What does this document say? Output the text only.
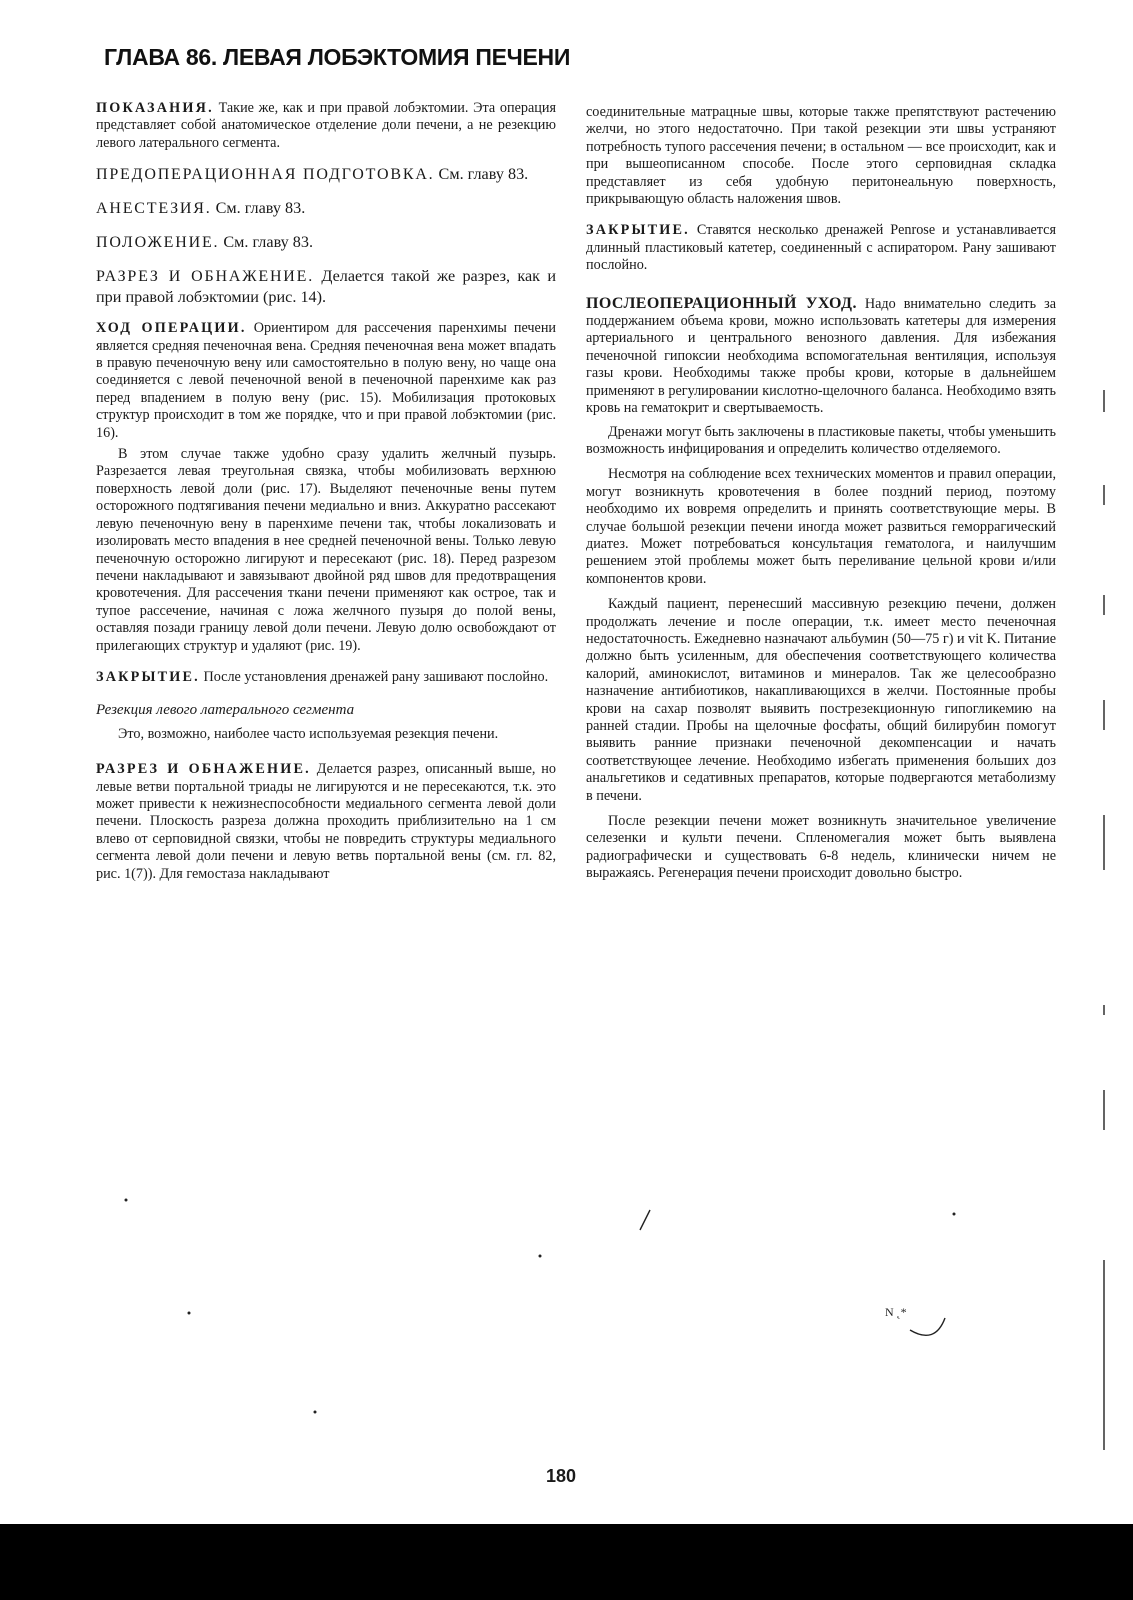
ГЛАВА 86. ЛЕВАЯ ЛОБЭКТОМИЯ ПЕЧЕНИ

ПОКАЗАНИЯ. Такие же, как и при правой лобэктомии. Эта операция представляет собой анатомическое отделение доли печени, а не резекцию левого латерального сегмента.

ПРЕДОПЕРАЦИОННАЯ ПОДГОТОВКА. См. главу 83.

АНЕСТЕЗИЯ. См. главу 83.

ПОЛОЖЕНИЕ. См. главу 83.

РАЗРЕЗ И ОБНАЖЕНИЕ. Делается такой же разрез, как и при правой лобэктомии (рис. 14).

ХОД ОПЕРАЦИИ. Ориентиром для рассечения паренхимы печени является средняя печеночная вена. Средняя печеночная вена может впадать в правую печеночную вену или самостоятельно в полую вену, но чаще она соединяется с левой печеночной веной в печеночной паренхиме как раз перед впадением в полую вену (рис. 15). Мобилизация протоковых структур происходит в том же порядке, что и при правой лобэктомии (рис. 16).

В этом случае также удобно сразу удалить желчный пузырь. Разрезается левая треугольная связка, чтобы мобилизовать верхнюю поверхность левой доли (рис. 17). Выделяют печеночные вены путем осторожного подтягивания печени медиально и вниз. Аккуратно рассекают левую печеночную вену в паренхиме печени так, чтобы локализовать и изолировать место впадения в нее средней печеночной вены. Только левую печеночную осторожно лигируют и пересекают (рис. 18). Перед разрезом печени накладывают и завязывают двойной ряд швов для предотвращения кровотечения. Для рассечения ткани печени применяют как острое, так и тупое рассечение, начиная с ложа желчного пузыря до полой вены, оставляя позади границу левой доли печени. Левую долю освобождают от прилегающих структур и удаляют (рис. 19).

ЗАКРЫТИЕ. После установления дренажей рану зашивают послойно.

Резекция левого латерального сегмента

Это, возможно, наиболее часто используемая резекция печени.

РАЗРЕЗ И ОБНАЖЕНИЕ. Делается разрез, описанный выше, но левые ветви портальной триады не лигируются и не пересекаются, т.к. это может привести к нежизнеспособности медиального сегмента левой доли печени. Плоскость разреза должна проходить приблизительно на 1 см влево от серповидной связки, чтобы не повредить структуры медиального сегмента левой доли печени и левую ветвь портальной вены (см. гл. 82, рис. 1(7)). Для гемостаза накладывают

соединительные матрацные швы, которые также препятствуют растечению желчи, но этого недостаточно. При такой резекции эти швы устраняют потребность тупого рассечения печени; в остальном — все происходит, как и при вышеописанном способе. После этого серповидная складка представляет из себя удобную перитонеальную поверхность, прикрывающую область наложения швов.

ЗАКРЫТИЕ. Ставятся несколько дренажей Penrose и устанавливается длинный пластиковый катетер, соединенный с аспиратором. Рану зашивают послойно.

ПОСЛЕОПЕРАЦИОННЫЙ УХОД. Надо внимательно следить за поддержанием объема крови, можно использовать катетеры для измерения артериального и центрального венозного давления. Для избежания печеночной гипоксии необходима вспомогательная вентиляция, используя газы крови. Необходимы также пробы крови, которые в дальнейшем применяют в регулировании кислотно-щелочного баланса. Необходимо взять кровь на гематокрит и свертываемость.

Дренажи могут быть заключены в пластиковые пакеты, чтобы уменьшить возможность инфицирования и определить количество отделяемого.

Несмотря на соблюдение всех технических моментов и правил операции, могут возникнуть кровотечения в более поздний период, поэтому необходимо их вовремя определить и принять соответствующие меры. В случае большой резекции печени иногда может развиться геморрагический диатез. Может потребоваться консультация гематолога, и наилучшим решением этой проблемы может быть переливание цельной крови и/или компонентов крови.

Каждый пациент, перенесший массивную резекцию печени, должен продолжать лечение и после операции, т.к. имеет место печеночная недостаточность. Ежедневно назначают альбумин (50—75 г) и vit K. Питание должно быть усиленным, для обеспечения соответствующего количества калорий, аминокислот, витаминов и минералов. Так же целесообразно назначение антибиотиков, накапливающихся в желчи. Постоянные пробы крови на сахар позволят выявить пострезекционную гипогликемию на ранней стадии. Пробы на щелочные фосфаты, общий билирубин помогут выявить ранние признаки печеночной декомпенсации и начать соответствующее лечение. Необходимо избегать применения больших доз анальгетиков и седативных препаратов, которые подвергаются метаболизму в печени.

После резекции печени может возникнуть значительное увеличение селезенки и культи печени. Спленомегалия может быть выявлена радиографически и существовать 6-8 недель, клинически ничем не выражаясь. Регенерация печени происходит довольно быстро.

N ˛*
180
